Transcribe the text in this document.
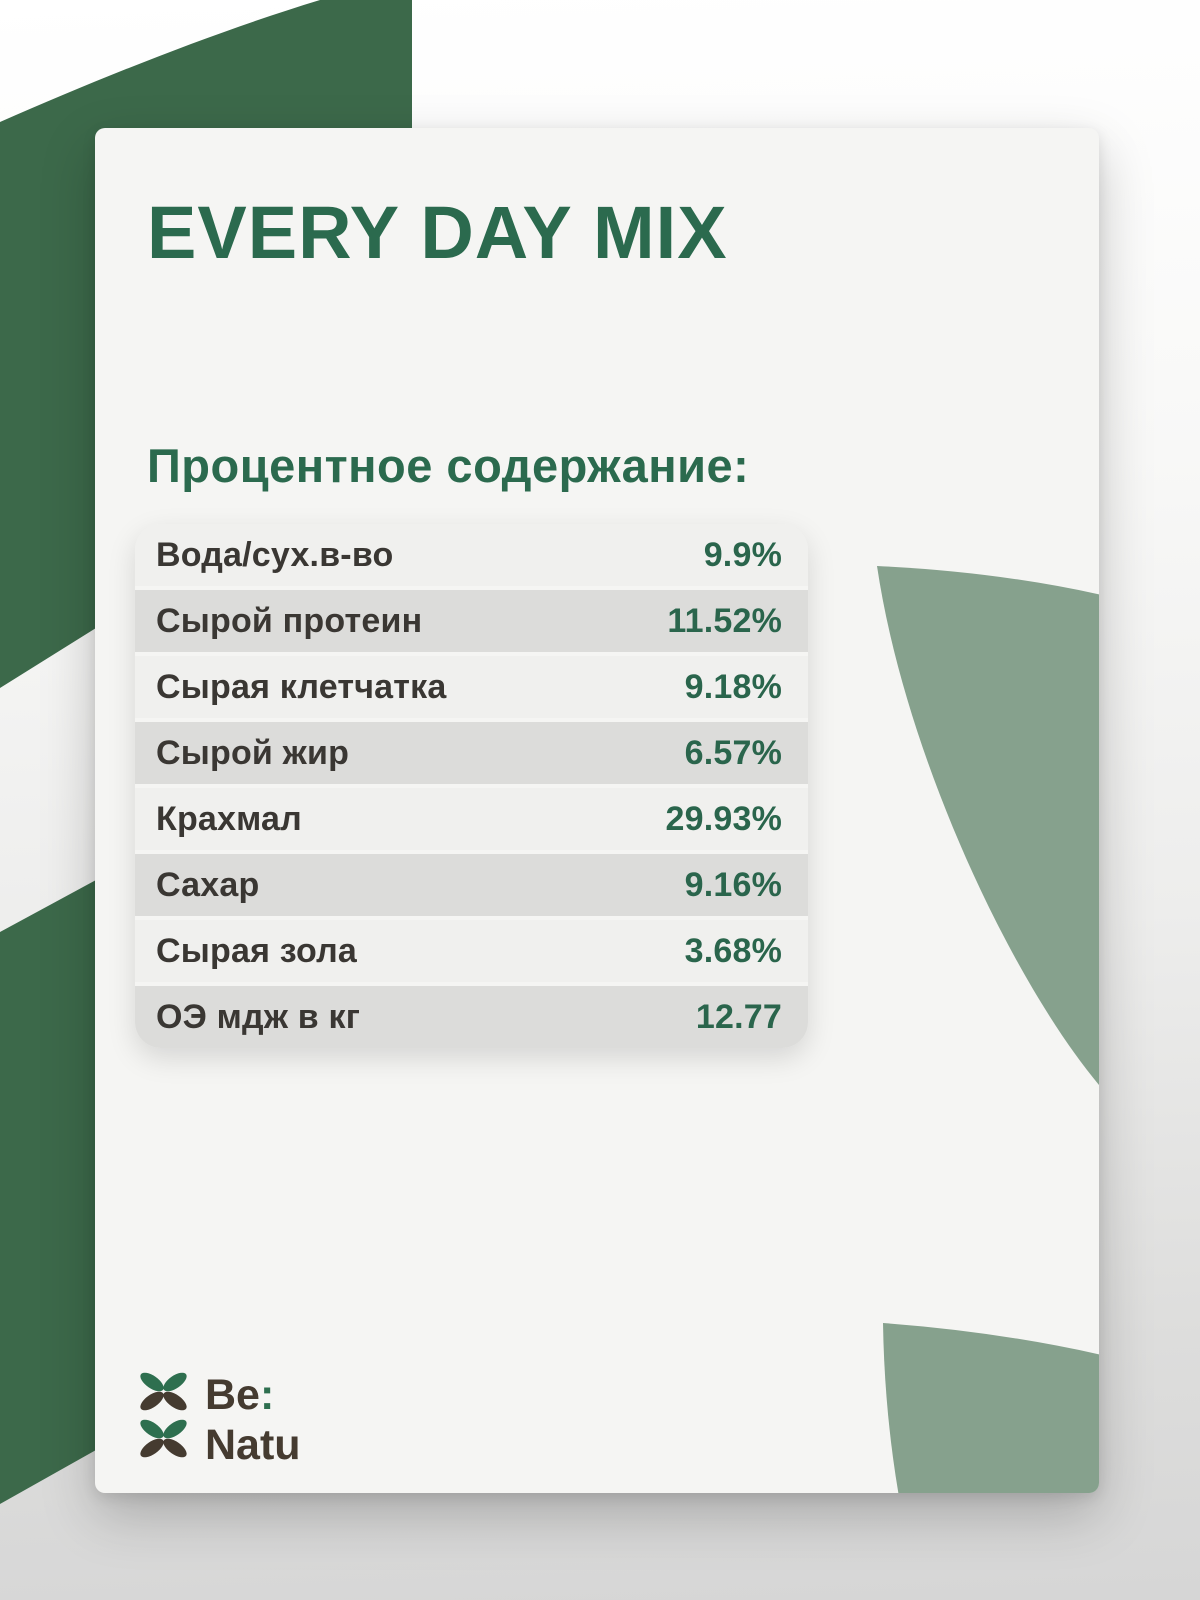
EVERY DAY MIX
Процентное содержание:
Вода/сух.в-во	9.9%
Сырой протеин	11.52%
Сырая клетчатка	9.18%
Сырой жир	6.57%
Крахмал	29.93%
Сахар	9.16%
Сырая зола	3.68%
ОЭ мдж в кг	12.77
Be:
Natu
